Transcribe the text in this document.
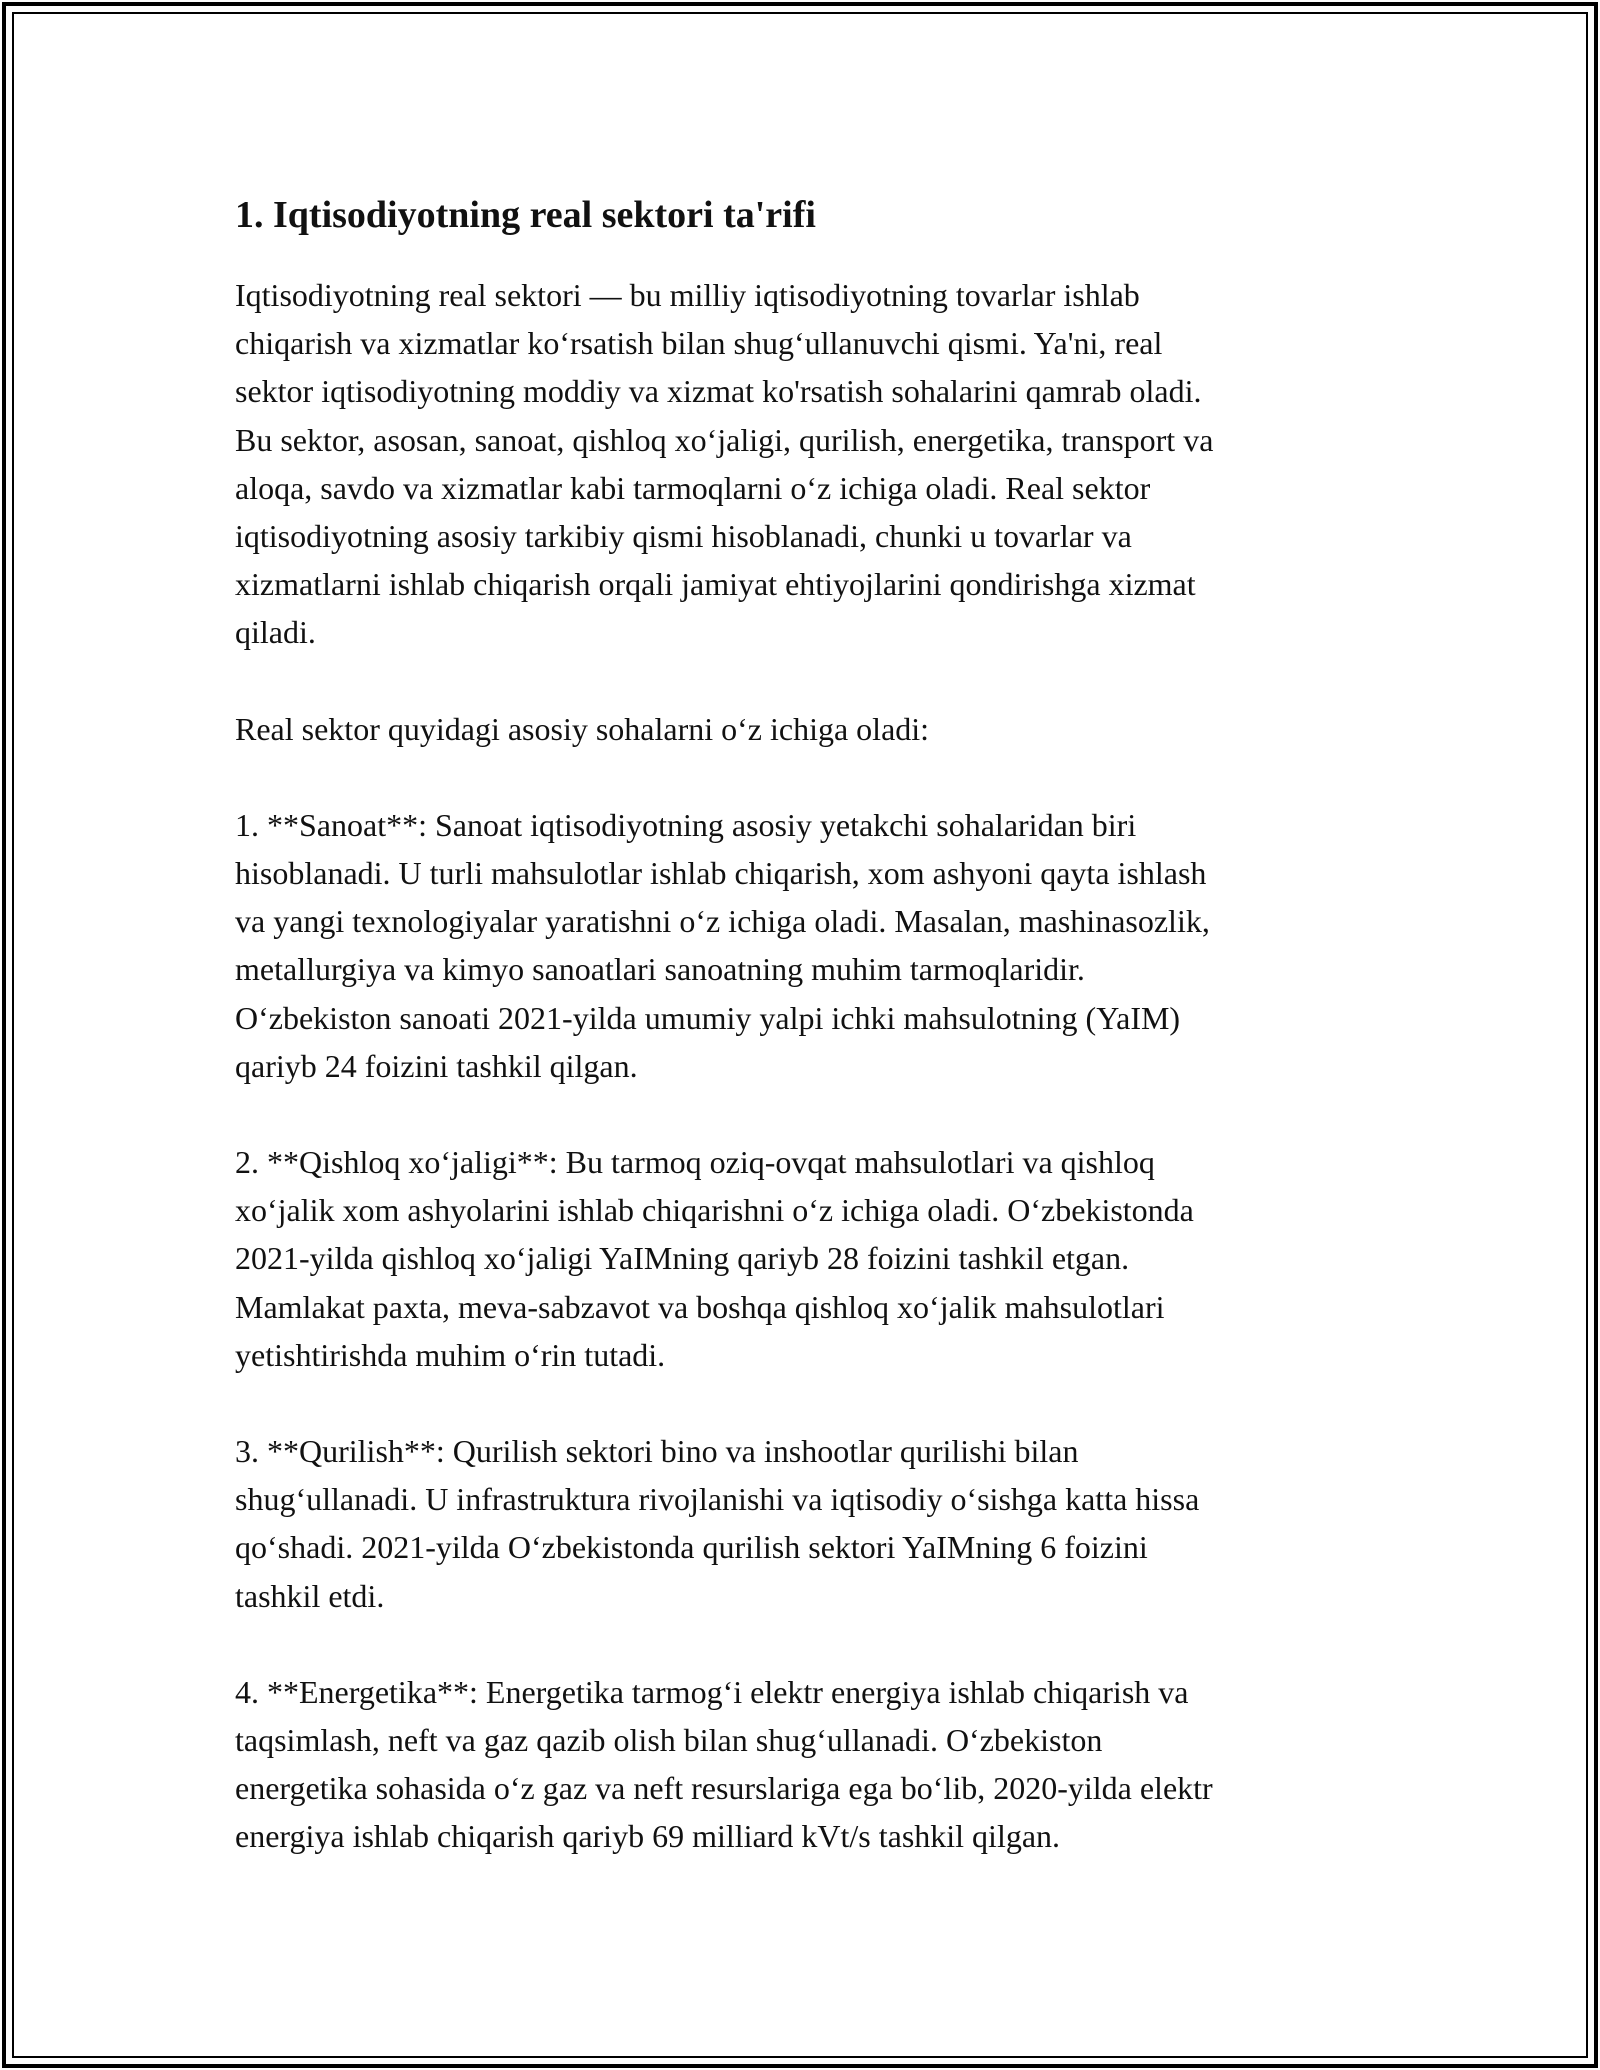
1. Iqtisodiyotning real sektori ta'rifi

Iqtisodiyotning real sektori — bu milliy iqtisodiyotning tovarlar ishlab
chiqarish va xizmatlar ko‘rsatish bilan shug‘ullanuvchi qismi. Ya'ni, real
sektor iqtisodiyotning moddiy va xizmat ko'rsatish sohalarini qamrab oladi.
Bu sektor, asosan, sanoat, qishloq xo‘jaligi, qurilish, energetika, transport va
aloqa, savdo va xizmatlar kabi tarmoqlarni o‘z ichiga oladi. Real sektor
iqtisodiyotning asosiy tarkibiy qismi hisoblanadi, chunki u tovarlar va
xizmatlarni ishlab chiqarish orqali jamiyat ehtiyojlarini qondirishga xizmat
qiladi.

Real sektor quyidagi asosiy sohalarni o‘z ichiga oladi:

1. **Sanoat**: Sanoat iqtisodiyotning asosiy yetakchi sohalaridan biri
hisoblanadi. U turli mahsulotlar ishlab chiqarish, xom ashyoni qayta ishlash
va yangi texnologiyalar yaratishni o‘z ichiga oladi. Masalan, mashinasozlik,
metallurgiya va kimyo sanoatlari sanoatning muhim tarmoqlaridir.
O‘zbekiston sanoati 2021-yilda umumiy yalpi ichki mahsulotning (YaIM)
qariyb 24 foizini tashkil qilgan.

2. **Qishloq xo‘jaligi**: Bu tarmoq oziq-ovqat mahsulotlari va qishloq
xo‘jalik xom ashyolarini ishlab chiqarishni o‘z ichiga oladi. O‘zbekistonda
2021-yilda qishloq xo‘jaligi YaIMning qariyb 28 foizini tashkil etgan.
Mamlakat paxta, meva-sabzavot va boshqa qishloq xo‘jalik mahsulotlari
yetishtirishda muhim o‘rin tutadi.

3. **Qurilish**: Qurilish sektori bino va inshootlar qurilishi bilan
shug‘ullanadi. U infrastruktura rivojlanishi va iqtisodiy o‘sishga katta hissa
qo‘shadi. 2021-yilda O‘zbekistonda qurilish sektori YaIMning 6 foizini
tashkil etdi.

4. **Energetika**: Energetika tarmog‘i elektr energiya ishlab chiqarish va
taqsimlash, neft va gaz qazib olish bilan shug‘ullanadi. O‘zbekiston
energetika sohasida o‘z gaz va neft resurslariga ega bo‘lib, 2020-yilda elektr
energiya ishlab chiqarish qariyb 69 milliard kVt/s tashkil qilgan.
